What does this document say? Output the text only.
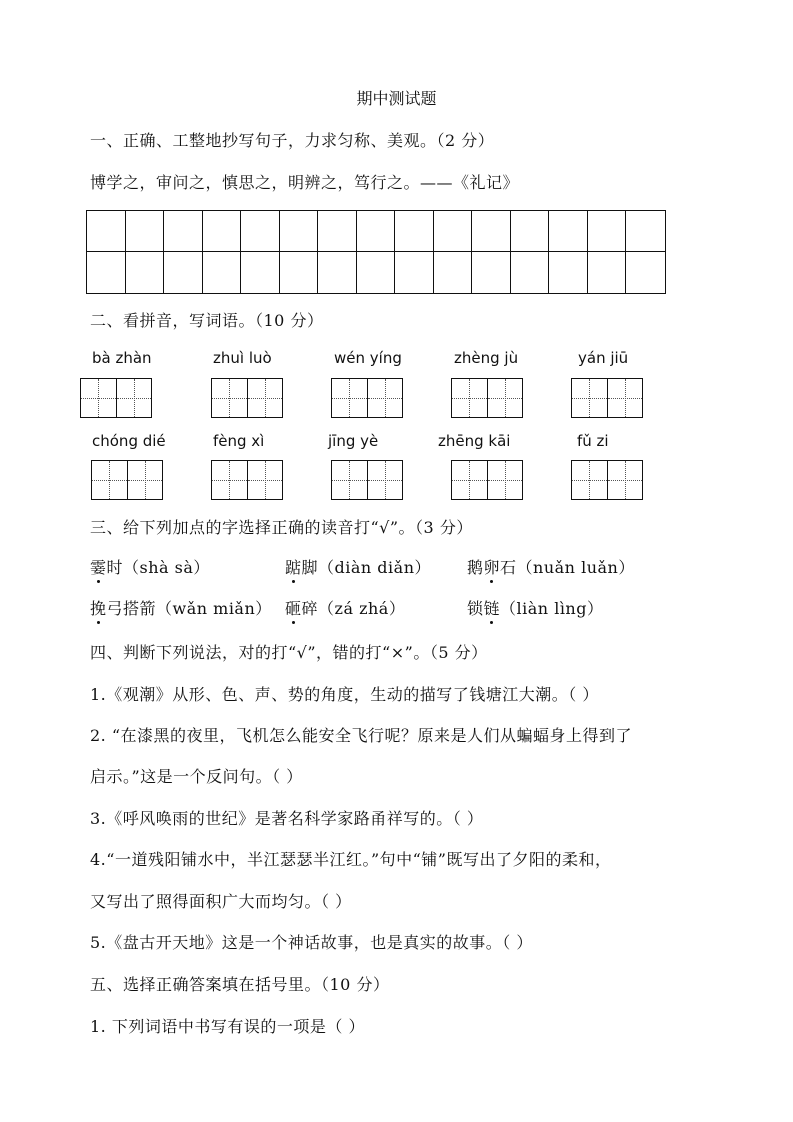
期中测试题
一、正确、工整地抄写句子，力求匀称、美观。（2 分）
博学之，审问之，慎思之，明辨之，笃行之。——《礼记》
二、看拼音，写词语。（10 分）
bà zhàn	zhuì luò	wén yíng	zhèng jù	yán jiū
chóng dié	fèng xì	jīng yè	zhēng kāi	fǔ zi
三、给下列加点的字选择正确的读音打“√”。（3 分）
霎时（shà sà）	踮脚（diàn diǎn） 鹅卵石（nuǎn luǎn）
挽弓搭箭（wǎn miǎn） 砸碎（zá zhá）	锁链（liàn lìng）
四、判断下列说法，对的打“√”，错的打“×”。（5 分）
1.《观潮》从形、色、声、势的角度，生动的描写了钱塘江大潮。（ ）
2. “在漆黑的夜里，飞机怎么能安全飞行呢？原来是人们从蝙蝠身上得到了
启示。”这是一个反问句。（ ）
3.《呼风唤雨的世纪》是著名科学家路甬祥写的。（ ）
4.“一道残阳铺水中，半江瑟瑟半江红。”句中“铺”既写出了夕阳的柔和，
又写出了照得面积广大而均匀。（ ）
5.《盘古开天地》这是一个神话故事，也是真实的故事。（ ）
五、选择正确答案填在括号里。（10 分）
1. 下列词语中书写有误的一项是（ ）
